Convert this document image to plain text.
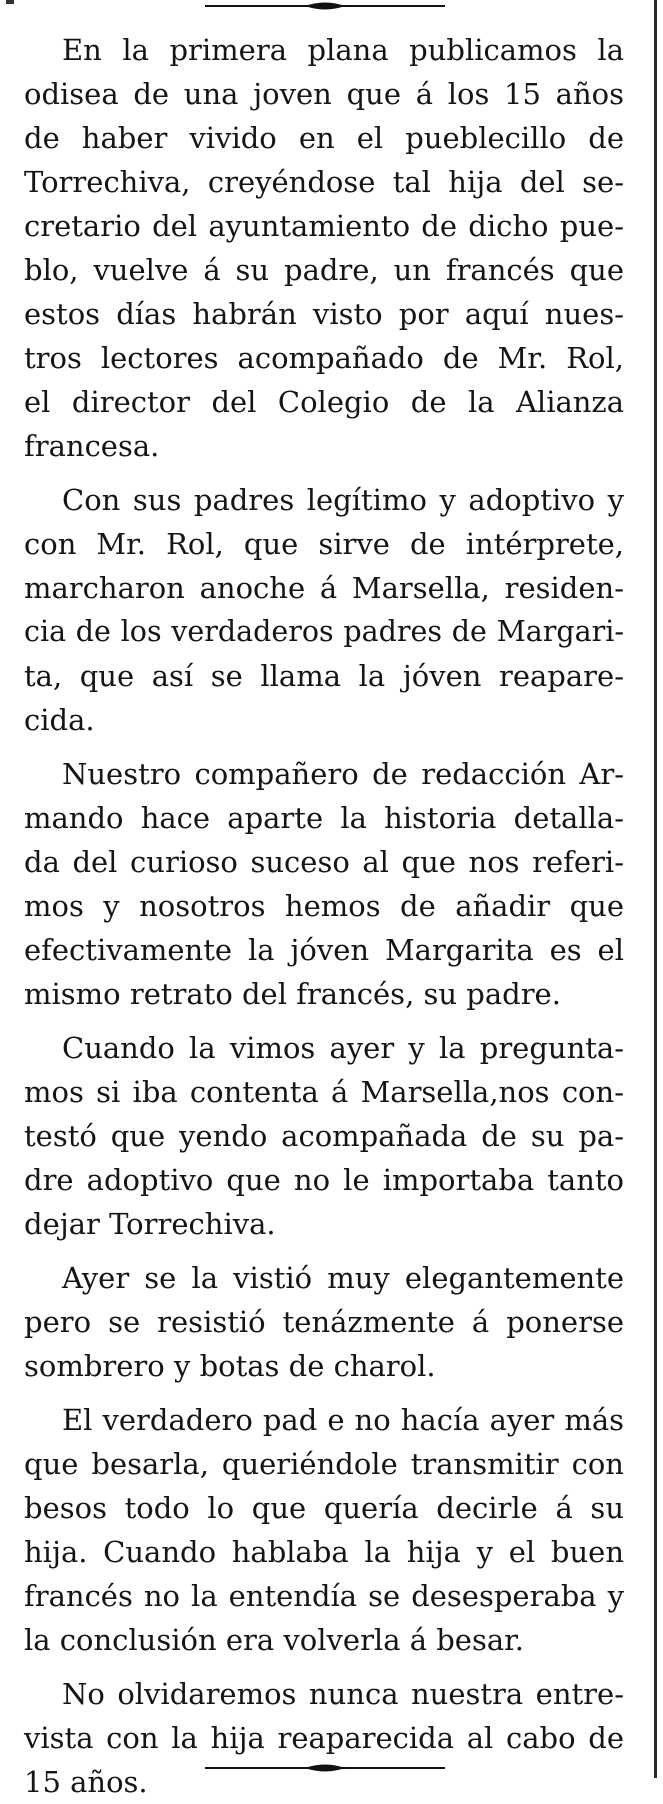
En la primera plana publicamos la
odisea de una joven que á los 15 años
de haber vivido en el pueblecillo de
Torrechiva, creyéndose tal hija del se-
cretario del ayuntamiento de dicho pue-
blo, vuelve á su padre, un francés que
estos días habrán visto por aquí nues-
tros lectores acompañado de Mr. Rol,
el director del Colegio de la Alianza
francesa.

Con sus padres legítimo y adoptivo y
con Mr. Rol, que sirve de intérprete,
marcharon anoche á Marsella, residen-
cia de los verdaderos padres de Margari-
ta, que así se llama la jóven reapare-
cida.

Nuestro compañero de redacción Ar-
mando hace aparte la historia detalla-
da del curioso suceso al que nos referi-
mos y nosotros hemos de añadir que
efectivamente la jóven Margarita es el
mismo retrato del francés, su padre.

Cuando la vimos ayer y la pregunta-
mos si iba contenta á Marsella,nos con-
testó que yendo acompañada de su pa-
dre adoptivo que no le importaba tanto
dejar Torrechiva.

Ayer se la vistió muy elegantemente
pero se resistió tenázmente á ponerse
sombrero y botas de charol.

El verdadero pad e no hacía ayer más
que besarla, queriéndole transmitir con
besos todo lo que quería decirle á su
hija. Cuando hablaba la hija y el buen
francés no la entendía se desesperaba y
la conclusión era volverla á besar.

No olvidaremos nunca nuestra entre-
vista con la hija reaparecida al cabo de
15 años.
